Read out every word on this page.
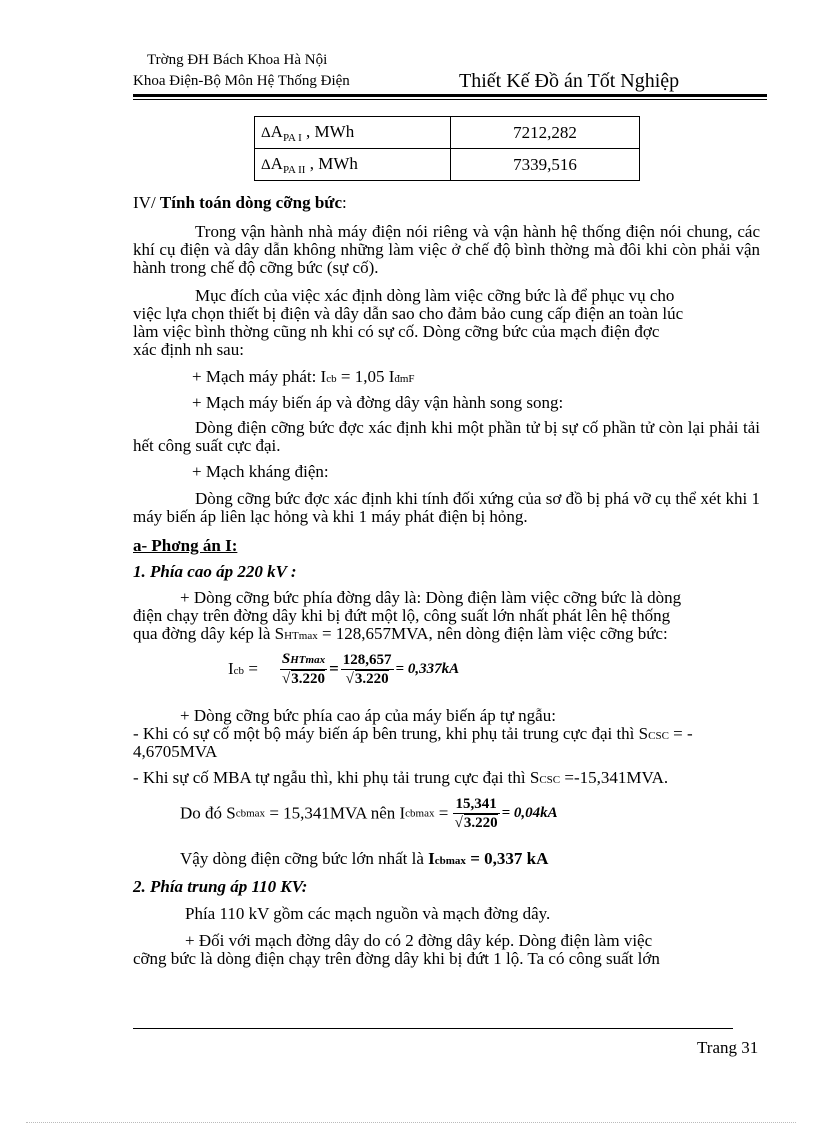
Trờng ĐH Bách Khoa Hà Nội
Khoa Điện-Bộ Môn Hệ Thống Điện	Thiết Kế Đồ án Tốt Nghiệp
$\Delta A_{PA I}$ , MWh	7212,282
$\Delta A_{PA II}$ , MWh	7339,516
IV/ Tính toán dòng cỡng bức:
Trong vận hành nhà máy điện nói riêng và vận hành hệ thống điện nói chung, các khí cụ điện và dây dẫn không những làm việc ở chế độ bình thờng mà đôi khi còn phải vận hành trong chế độ cỡng bức (sự cố).
Mục đích của việc xác định dòng làm việc cỡng bức là để phục vụ cho
việc lựa chọn thiết bị điện và dây dẫn sao cho đảm bảo cung cấp điện an toàn lúc
làm việc bình thờng cũng nh khi có sự cố. Dòng cỡng bức của mạch điện đợc
xác định nh sau:
+ Mạch máy phát: Icb = 1,05 IđmF
+ Mạch máy biến áp và đờng dây vận hành song song:
Dòng điện cỡng bức đợc xác định khi một phần tử bị sự cố phần tử còn lại phải tải hết công suất cực đại.
+ Mạch kháng điện:
Dòng cỡng bức đợc xác định khi tính đối xứng của sơ đồ bị phá vỡ cụ thể xét khi 1 máy biến áp liên lạc hỏng và khi 1 máy phát điện bị hỏng.
a- Phơng án I:
1. Phía cao áp 220 kV :
+ Dòng cỡng bức phía đờng dây là: Dòng điện làm việc cỡng bức là dòng
điện chạy trên đờng dây khi bị đứt một lộ, công suất lớn nhất phát lên hệ thống
qua đờng dây kép là SHTmax = 128,657MVA, nên dòng điện làm việc cỡng bức:
Icb = $\frac{\text{SHTmax}}{√3.220} = \frac{128,657}{√3.220} = 0,337kA$
+ Dòng cỡng bức phía cao áp của máy biến áp tự ngẫu:
- Khi có sự cố một bộ máy biến áp bên trung, khi phụ tải trung cực đại thì SCSC = -
4,6705MVA
- Khi sự cố MBA tự ngẫu thì, khi phụ tải trung cực đại thì SCSC =-15,341MVA.
Do đó Scbmax = 15,341MVA nên $Icbmax = \frac{15,341}{√3.220} = 0,04kA$
Vậy dòng điện cỡng bức lớn nhất là Icbmax = 0,337 kA
2. Phía trung áp 110 KV:
Phía 110 kV gồm các mạch nguồn và mạch đờng dây.
+ Đối với mạch đờng dây do có 2 đờng dây kép. Dòng điện làm việc
cỡng bức là dòng điện chạy trên đờng dây khi bị đứt 1 lộ. Ta có công suất lớn
Trang 31
